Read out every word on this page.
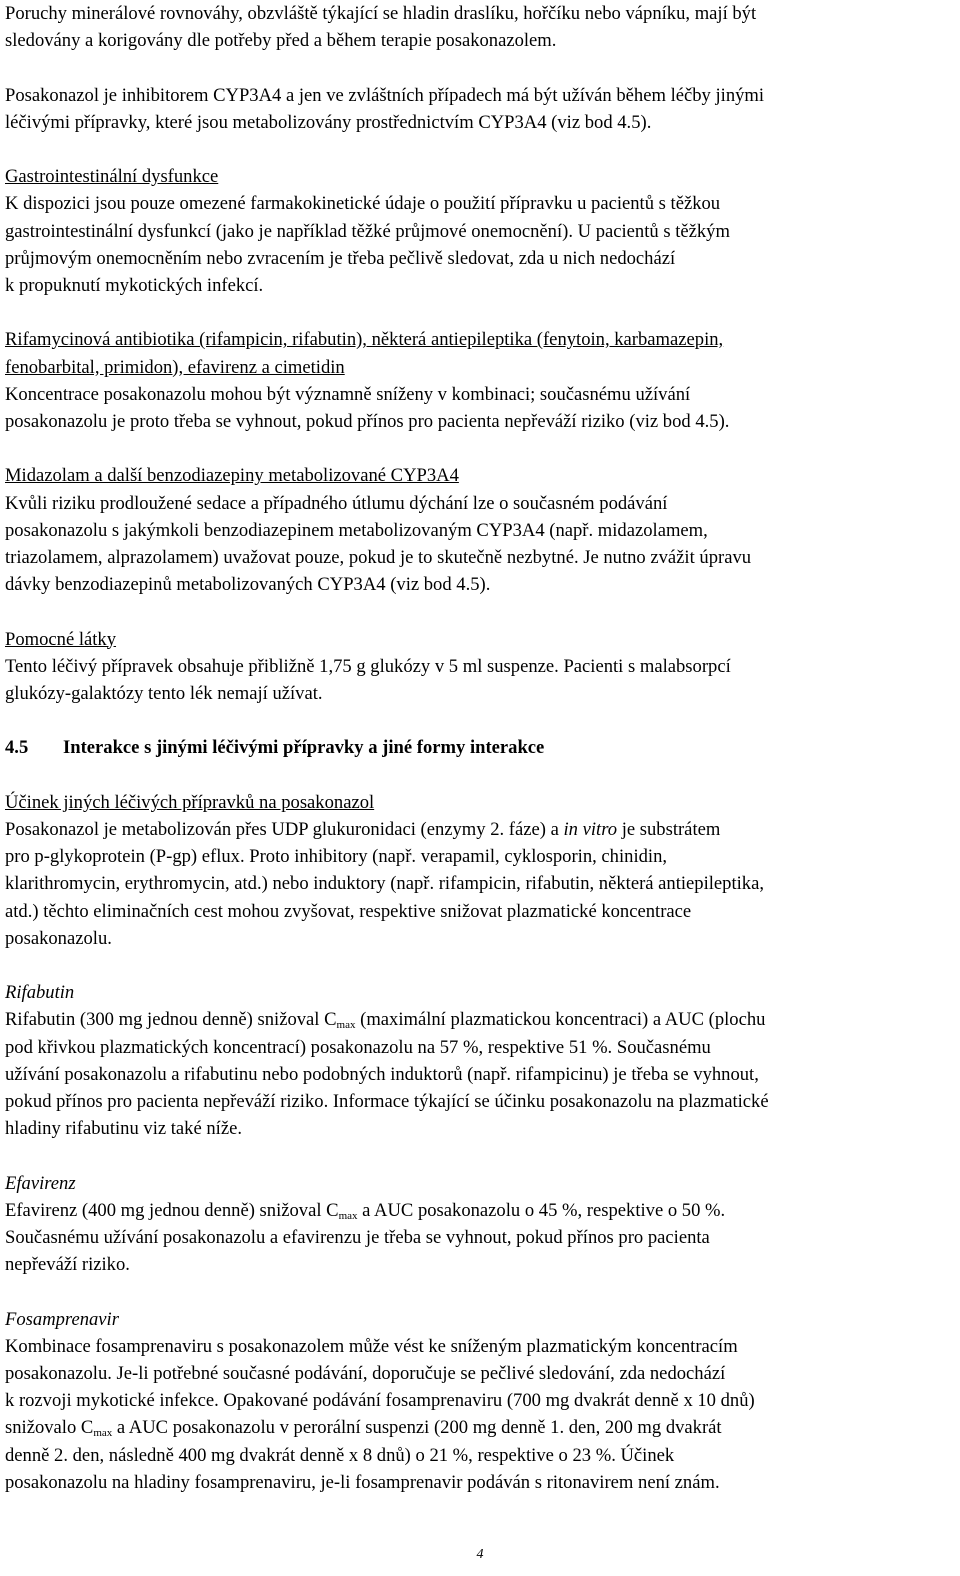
Poruchy minerálové rovnováhy, obzvláště týkající se hladin draslíku, hořčíku nebo vápníku, mají být

sledovány a korigovány dle potřeby před a během terapie posakonazolem.

Posakonazol je inhibitorem CYP3A4 a jen ve zvláštních případech má být užíván během léčby jinými

léčivými přípravky, které jsou metabolizovány prostřednictvím CYP3A4 (viz bod 4.5).

Gastrointestinální dysfunkce

K dispozici jsou pouze omezené farmakokinetické údaje o použití přípravku u pacientů s těžkou

gastrointestinální dysfunkcí (jako je například těžké průjmové onemocnění). U pacientů s těžkým

průjmovým onemocněním nebo zvracením je třeba pečlivě sledovat, zda u nich nedochází

k propuknutí mykotických infekcí.

Rifamycinová antibiotika (rifampicin, rifabutin), některá antiepileptika (fenytoin, karbamazepin,

fenobarbital, primidon), efavirenz a cimetidin

Koncentrace posakonazolu mohou být významně sníženy v kombinaci; současnému užívání

posakonazolu je proto třeba se vyhnout, pokud přínos pro pacienta nepřeváží riziko (viz bod 4.5).

Midazolam a další benzodiazepiny metabolizované CYP3A4

Kvůli riziku prodloužené sedace a případného útlumu dýchání lze o současném podávání

posakonazolu s jakýmkoli benzodiazepinem metabolizovaným CYP3A4 (např. midazolamem,

triazolamem, alprazolamem) uvažovat pouze, pokud je to skutečně nezbytné. Je nutno zvážit úpravu

dávky benzodiazepinů metabolizovaných CYP3A4 (viz bod 4.5).

Pomocné látky

Tento léčivý přípravek obsahuje přibližně 1,75 g glukózy v 5 ml suspenze. Pacienti s malabsorpcí

glukózy-galaktózy tento lék nemají užívat.

4.5 Interakce s jinými léčivými přípravky a jiné formy interakce

Účinek jiných léčivých přípravků na posakonazol

Posakonazol je metabolizován přes UDP glukuronidaci (enzymy 2. fáze) a in vitro je substrátem

pro p-glykoprotein (P-gp) eflux. Proto inhibitory (např. verapamil, cyklosporin, chinidin,

klarithromycin, erythromycin, atd.) nebo induktory (např. rifampicin, rifabutin, některá antiepileptika,

atd.) těchto eliminačních cest mohou zvyšovat, respektive snižovat plazmatické koncentrace

posakonazolu.

Rifabutin

Rifabutin (300 mg jednou denně) snižoval $C_{max}$ (maximální plazmatickou koncentraci) a AUC (plochu

pod křivkou plazmatických koncentrací) posakonazolu na 57 %, respektive 51 %. Současnému

užívání posakonazolu a rifabutinu nebo podobných induktorů (např. rifampicinu) je třeba se vyhnout,

pokud přínos pro pacienta nepřeváží riziko. Informace týkající se účinku posakonazolu na plazmatické

hladiny rifabutinu viz také níže.

Efavirenz

Efavirenz (400 mg jednou denně) snižoval $C_{max}$ a AUC posakonazolu o 45 %, respektive o 50 %.

Současnému užívání posakonazolu a efavirenzu je třeba se vyhnout, pokud přínos pro pacienta

nepřeváží riziko.

Fosamprenavir

Kombinace fosamprenaviru s posakonazolem může vést ke sníženým plazmatickým koncentracím

posakonazolu. Je-li potřebné současné podávání, doporučuje se pečlivé sledování, zda nedochází

k rozvoji mykotické infekce. Opakované podávání fosamprenaviru (700 mg dvakrát denně x 10 dnů)

snižovalo $C_{max}$ a AUC posakonazolu v perorální suspenzi (200 mg denně 1. den, 200 mg dvakrát

denně 2. den, následně 400 mg dvakrát denně x 8 dnů) o 21 %, respektive o 23 %. Účinek

posakonazolu na hladiny fosamprenaviru, je-li fosamprenavir podáván s ritonavirem není znám.

4
